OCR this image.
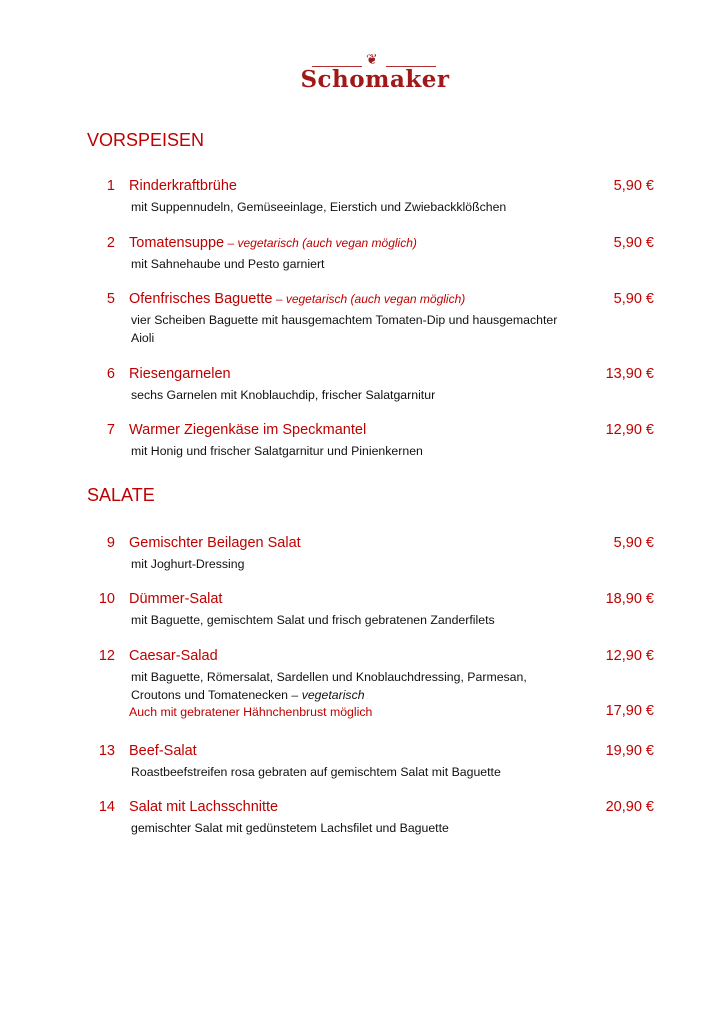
❦
Schomaker
VORSPEISEN
1 Rinderkraftbrühe	5,90 €
mit Suppennudeln, Gemüseeinlage, Eierstich und Zwiebackklößchen
2 Tomatensuppe – vegetarisch (auch vegan möglich)	5,90 €
mit Sahnehaube und Pesto garniert
5 Ofenfrisches Baguette – vegetarisch (auch vegan möglich)	5,90 €
vier Scheiben Baguette mit hausgemachtem Tomaten-Dip und hausgemachter Aioli
6 Riesengarnelen	13,90 €
sechs Garnelen mit Knoblauchdip, frischer Salatgarnitur
7 Warmer Ziegenkäse im Speckmantel	12,90 €
mit Honig und frischer Salatgarnitur und Pinienkernen
9 Gemischter Beilagen Salat	5,90 €
mit Joghurt-Dressing
10 Dümmer-Salat	18,90 €
mit Baguette, gemischtem Salat und frisch gebratenen Zanderfilets
12 Caesar-Salad	12,90 €
mit Baguette, Römersalat, Sardellen und Knoblauchdressing, Parmesan, Croutons und Tomatenecken – vegetarisch
Auch mit gebratener Hähnchenbrust möglich	17,90 €
13 Beef-Salat	19,90 €
Roastbeefstreifen rosa gebraten auf gemischtem Salat mit Baguette
14 Salat mit Lachsschnitte	20,90 €
gemischter Salat mit gedünstetem Lachsfilet und Baguette
SALATE
